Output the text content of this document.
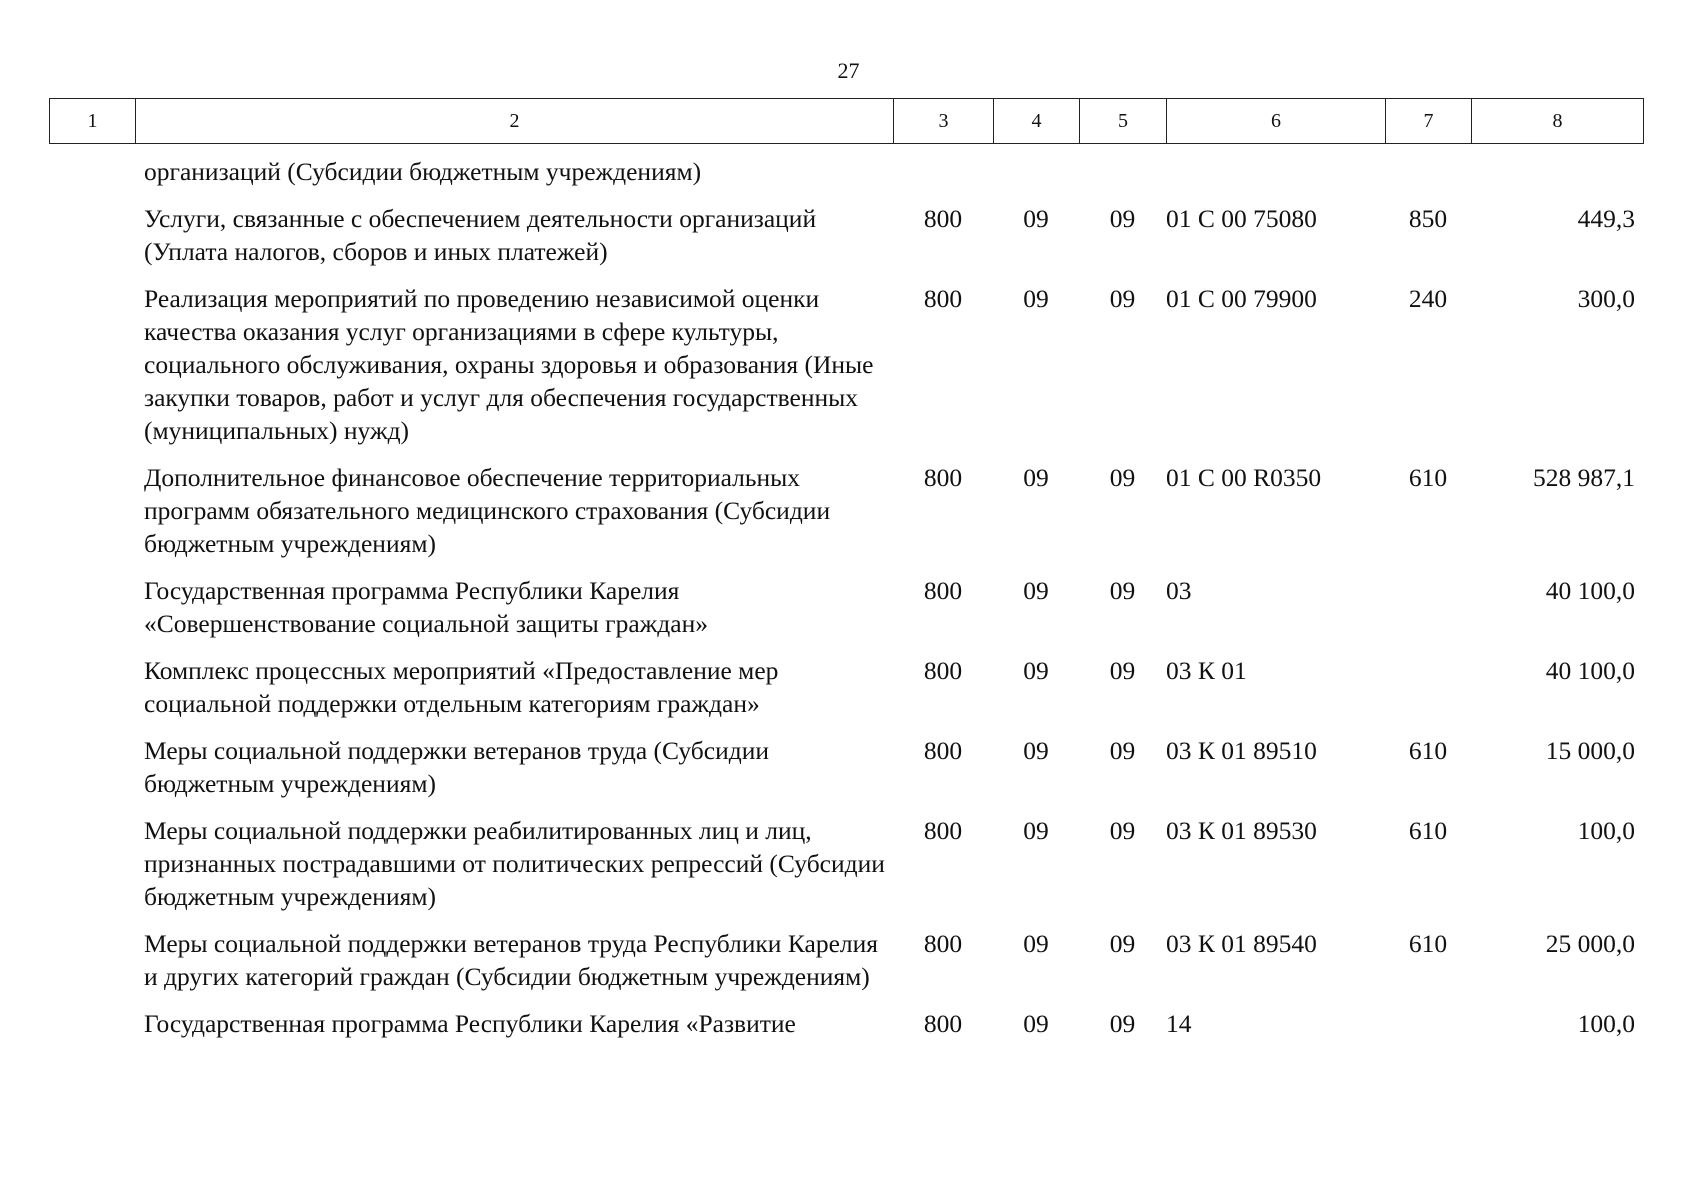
27
1	2	3	4	5	6	7	8
	организаций (Субсидии бюджетным учреждениям)						
	Услуги, связанные с обеспечением деятельности организаций (Уплата налогов, сборов и иных платежей)	800	09	09	01 С 00 75080	850	449,3
	Реализация мероприятий по проведению независимой оценки качества оказания услуг организациями в сфере культуры, социального обслуживания, охраны здоровья и образования (Иные закупки товаров, работ и услуг для обеспечения государственных (муниципальных) нужд)	800	09	09	01 С 00 79900	240	300,0
	Дополнительное финансовое обеспечение территориальных программ обязательного медицинского страхования (Субсидии бюджетным учреждениям)	800	09	09	01 С 00 R0350	610	528 987,1
	Государственная программа Республики Карелия «Совершенствование социальной защиты граждан»	800	09	09	03		40 100,0
	Комплекс процессных мероприятий «Предоставление мер социальной поддержки отдельным категориям граждан»	800	09	09	03 К 01		40 100,0
	Меры социальной поддержки ветеранов труда (Субсидии бюджетным учреждениям)	800	09	09	03 К 01 89510	610	15 000,0
	Меры социальной поддержки реабилитированных лиц и лиц, признанных пострадавшими от политических репрессий (Субсидии бюджетным учреждениям)	800	09	09	03 К 01 89530	610	100,0
	Меры социальной поддержки ветеранов труда Республики Карелия и других категорий граждан (Субсидии бюджетным учреждениям)	800	09	09	03 К 01 89540	610	25 000,0
	Государственная программа Республики Карелия «Развитие	800	09	09	14		100,0
